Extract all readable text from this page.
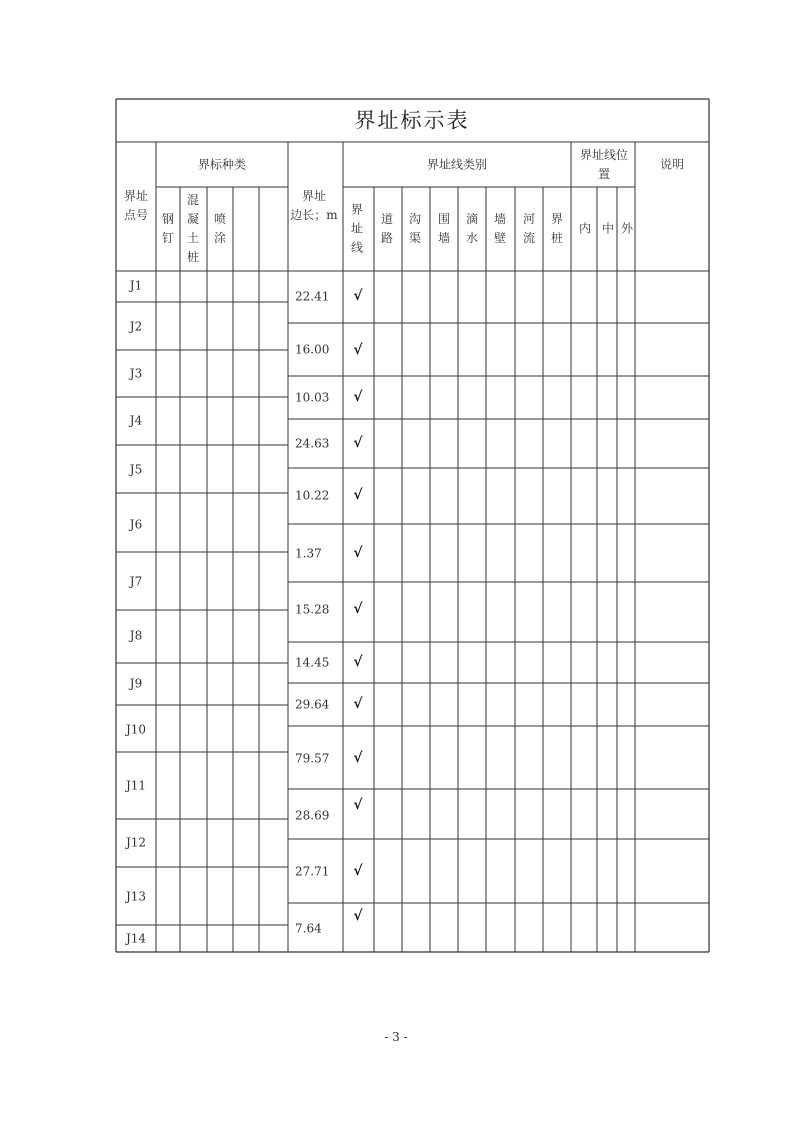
界址标示表
界址
点号
界标种类
钢
钉
混
凝
土
桩
喷
涂
界址
边长；m
界址线类别
界
址
线
道
路
沟
渠
围
墙
滴
水
墙
壁
河
流
界
桩
界址线位
置
内 中 外
说明
J1
J2
J3
J4
J5
J6
J7
J8
J9
J10
J11
J12
J13
J14
22.41
16.00
10.03
24.63
10.22
1.37
15.28
14.45
29.64
79.57
28.69
27.71
7.64
√
√
√
√
√
√
√
√
√
√
√
√
√
- 3 -
